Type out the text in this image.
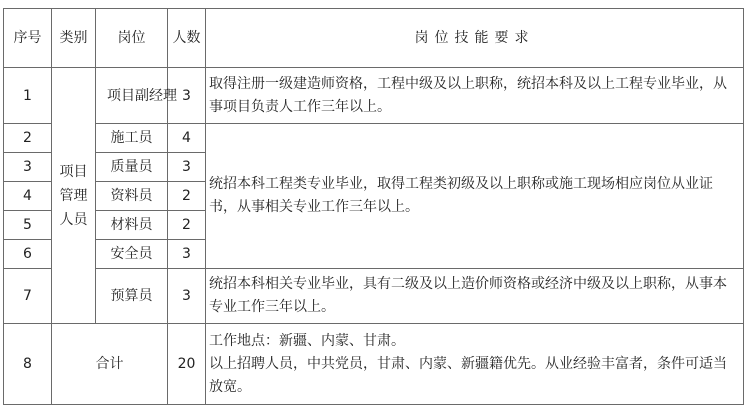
序号	类别	岗位	人数	岗位技能要求
1	项目管理人员	项目副经理	3	取得注册一级建造师资格，工程中级及以上职称，统招本科及以上工程专业毕业，从事项目负责人工作三年以上。
2		施工员	4	统招本科工程类专业毕业，取得工程类初级及以上职称或施工现场相应岗位从业证书，从事相关专业工作三年以上。
3		质量员	3	
4		资料员	2	
5		材料员	2	
6		安全员	3	
7		预算员	3	统招本科相关专业毕业，具有二级及以上造价师资格或经济中级及以上职称，从事本专业工作三年以上。
8	合计		20	工作地点：新疆、内蒙、甘肃。
以上招聘人员，中共党员，甘肃、内蒙、新疆籍优先。从业经验丰富者，条件可适当放宽。
